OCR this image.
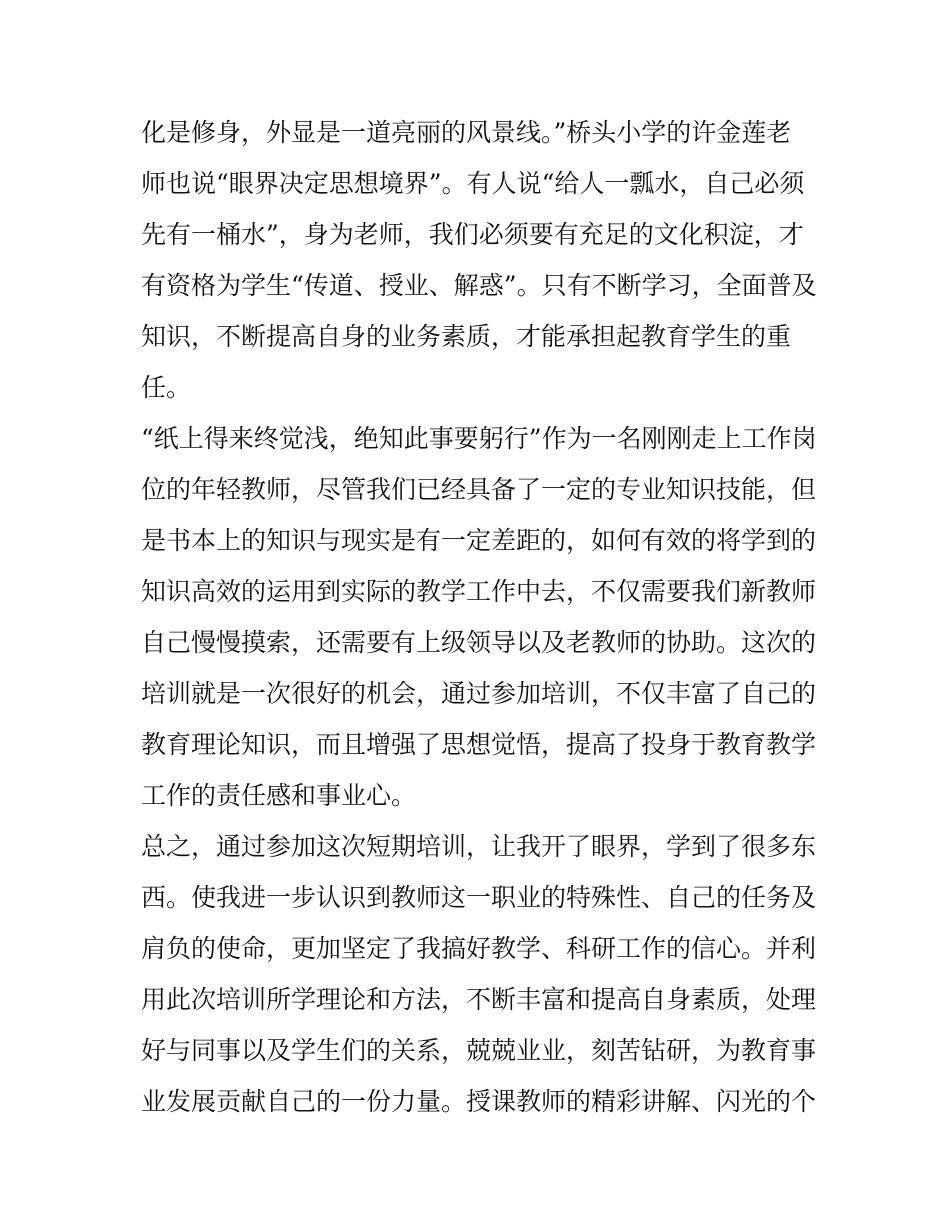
化是修身，外显是一道亮丽的风景线。”桥头小学的许金莲老
师也说“眼界决定思想境界”。有人说“给人一瓢水，自己必须
先有一桶水”，身为老师，我们必须要有充足的文化积淀，才
有资格为学生“传道、授业、解惑”。只有不断学习，全面普及
知识，不断提高自身的业务素质，才能承担起教育学生的重
任。
“纸上得来终觉浅，绝知此事要躬行”作为一名刚刚走上工作岗
位的年轻教师，尽管我们已经具备了一定的专业知识技能，但
是书本上的知识与现实是有一定差距的，如何有效的将学到的
知识高效的运用到实际的教学工作中去，不仅需要我们新教师
自己慢慢摸索，还需要有上级领导以及老教师的协助。这次的
培训就是一次很好的机会，通过参加培训，不仅丰富了自己的
教育理论知识，而且增强了思想觉悟，提高了投身于教育教学
工作的责任感和事业心。
总之，通过参加这次短期培训，让我开了眼界，学到了很多东
西。使我进一步认识到教师这一职业的特殊性、自己的任务及
肩负的使命，更加坚定了我搞好教学、科研工作的信心。并利
用此次培训所学理论和方法，不断丰富和提高自身素质，处理
好与同事以及学生们的关系，兢兢业业，刻苦钻研，为教育事
业发展贡献自己的一份力量。授课教师的精彩讲解、闪光的个
